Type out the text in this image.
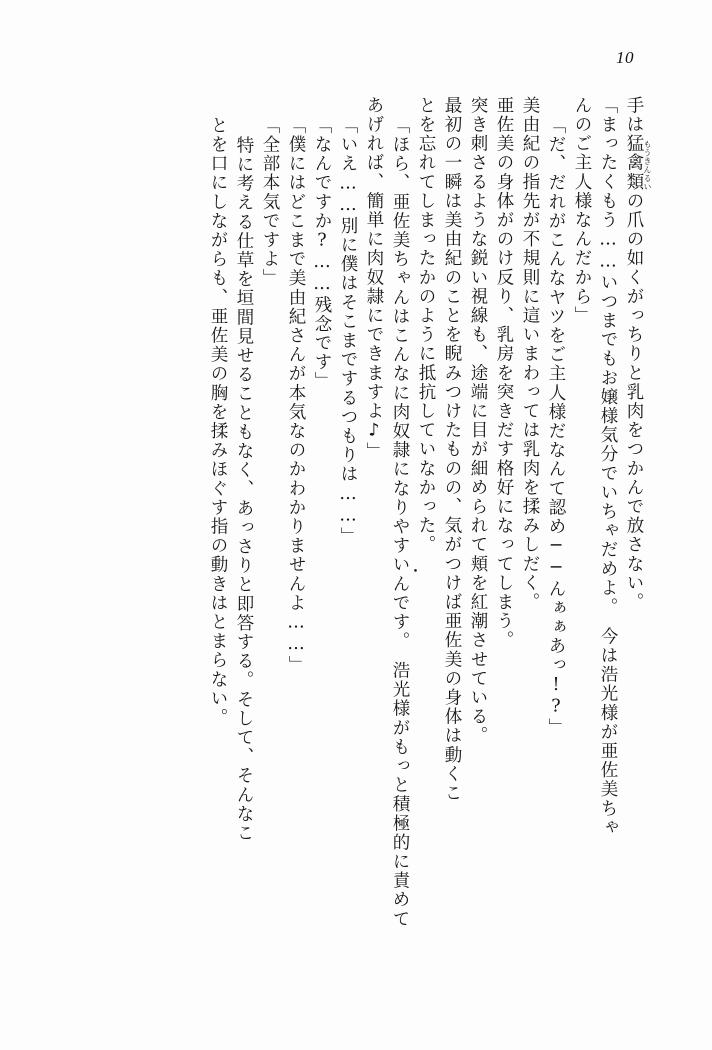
10
もうきんるい
手は猛禽類の爪の如くがっちりと乳肉をつかんで放さない。
「まったくもう……いつまでもお嬢様気分でいちゃだめよ。　今は浩光様が亜佐美ちゃ
んのご主人様なんだから」
「だ、だれがこんなヤツをご主人様だなんて認め──んぁぁあっ!?」
美由紀の指先が不規則に這いまわっては乳肉を揉みしだく。
亜佐美の身体がのけ反り、乳房を突きだす格好になってしまう。
突き刺さるような鋭い視線も、途端に目が細められて頬を紅潮させている。
最初の一瞬は美由紀のことを睨みつけたものの、気がつけば亜佐美の身体は動くこ
とを忘れてしまったかのように抵抗していなかった。
「ほら、亜佐美ちゃんはこんなに肉奴隷になりやすいんです。　浩光様がもっと積極的に責めて
あげれば、簡単に肉奴隷にできますよ♪」
「いえ……別に僕はそこまでするつもりは……」
「なんですか?……残念です」
「僕にはどこまで美由紀さんが本気なのかわかりませんよ……」
「全部本気ですよ」
特に考える仕草を垣間見せることもなく、あっさりと即答する。そして、そんなこ
とを口にしながらも、亜佐美の胸を揉みほぐす指の動きはとまらない。	・
